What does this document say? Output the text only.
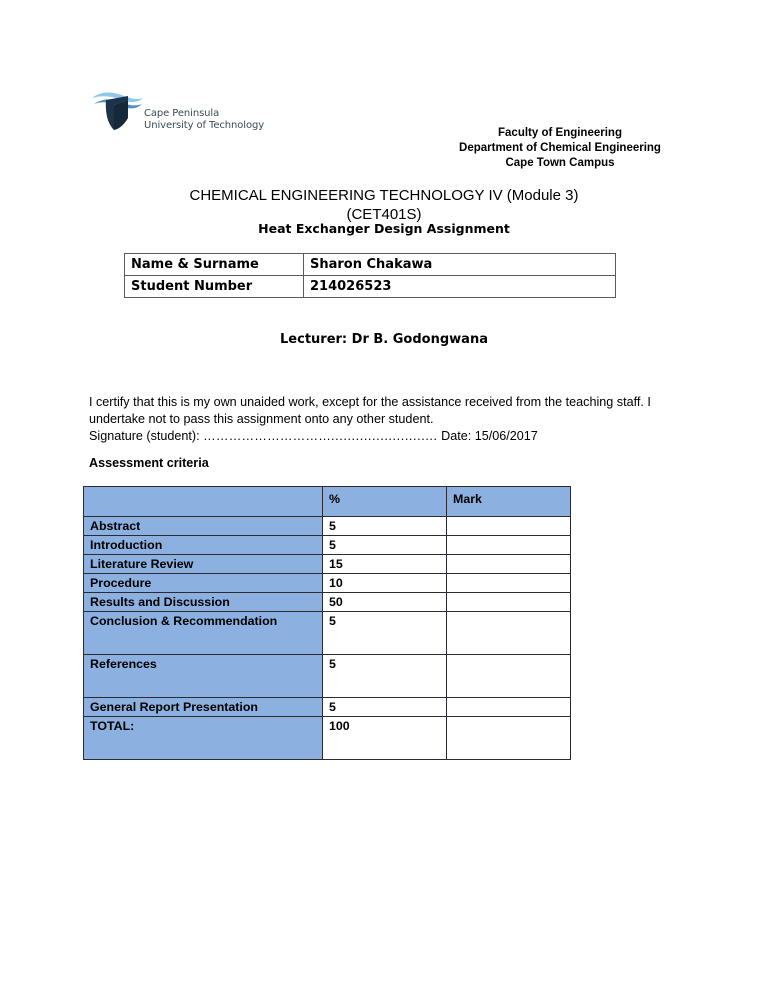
Cape Peninsula
University of Technology
Faculty of Engineering
Department of Chemical Engineering
Cape Town Campus
CHEMICAL ENGINEERING TECHNOLOGY IV (Module 3)
(CET401S)
Heat Exchanger Design Assignment
Name & Surname	Sharon Chakawa
Student Number	214026523
Lecturer: Dr B. Godongwana
I certify that this is my own unaided work, except for the assistance received from the teaching staff. I undertake not to pass this assignment onto any other student.
Signature (student): ………………………….......................... Date: 15/06/2017
Assessment criteria
	%	Mark
Abstract	5	
Introduction	5	
Literature Review	15	
Procedure	10	
Results and Discussion	50	
Conclusion & Recommendation	5	
References	5	
General Report Presentation	5	
TOTAL:	100	
